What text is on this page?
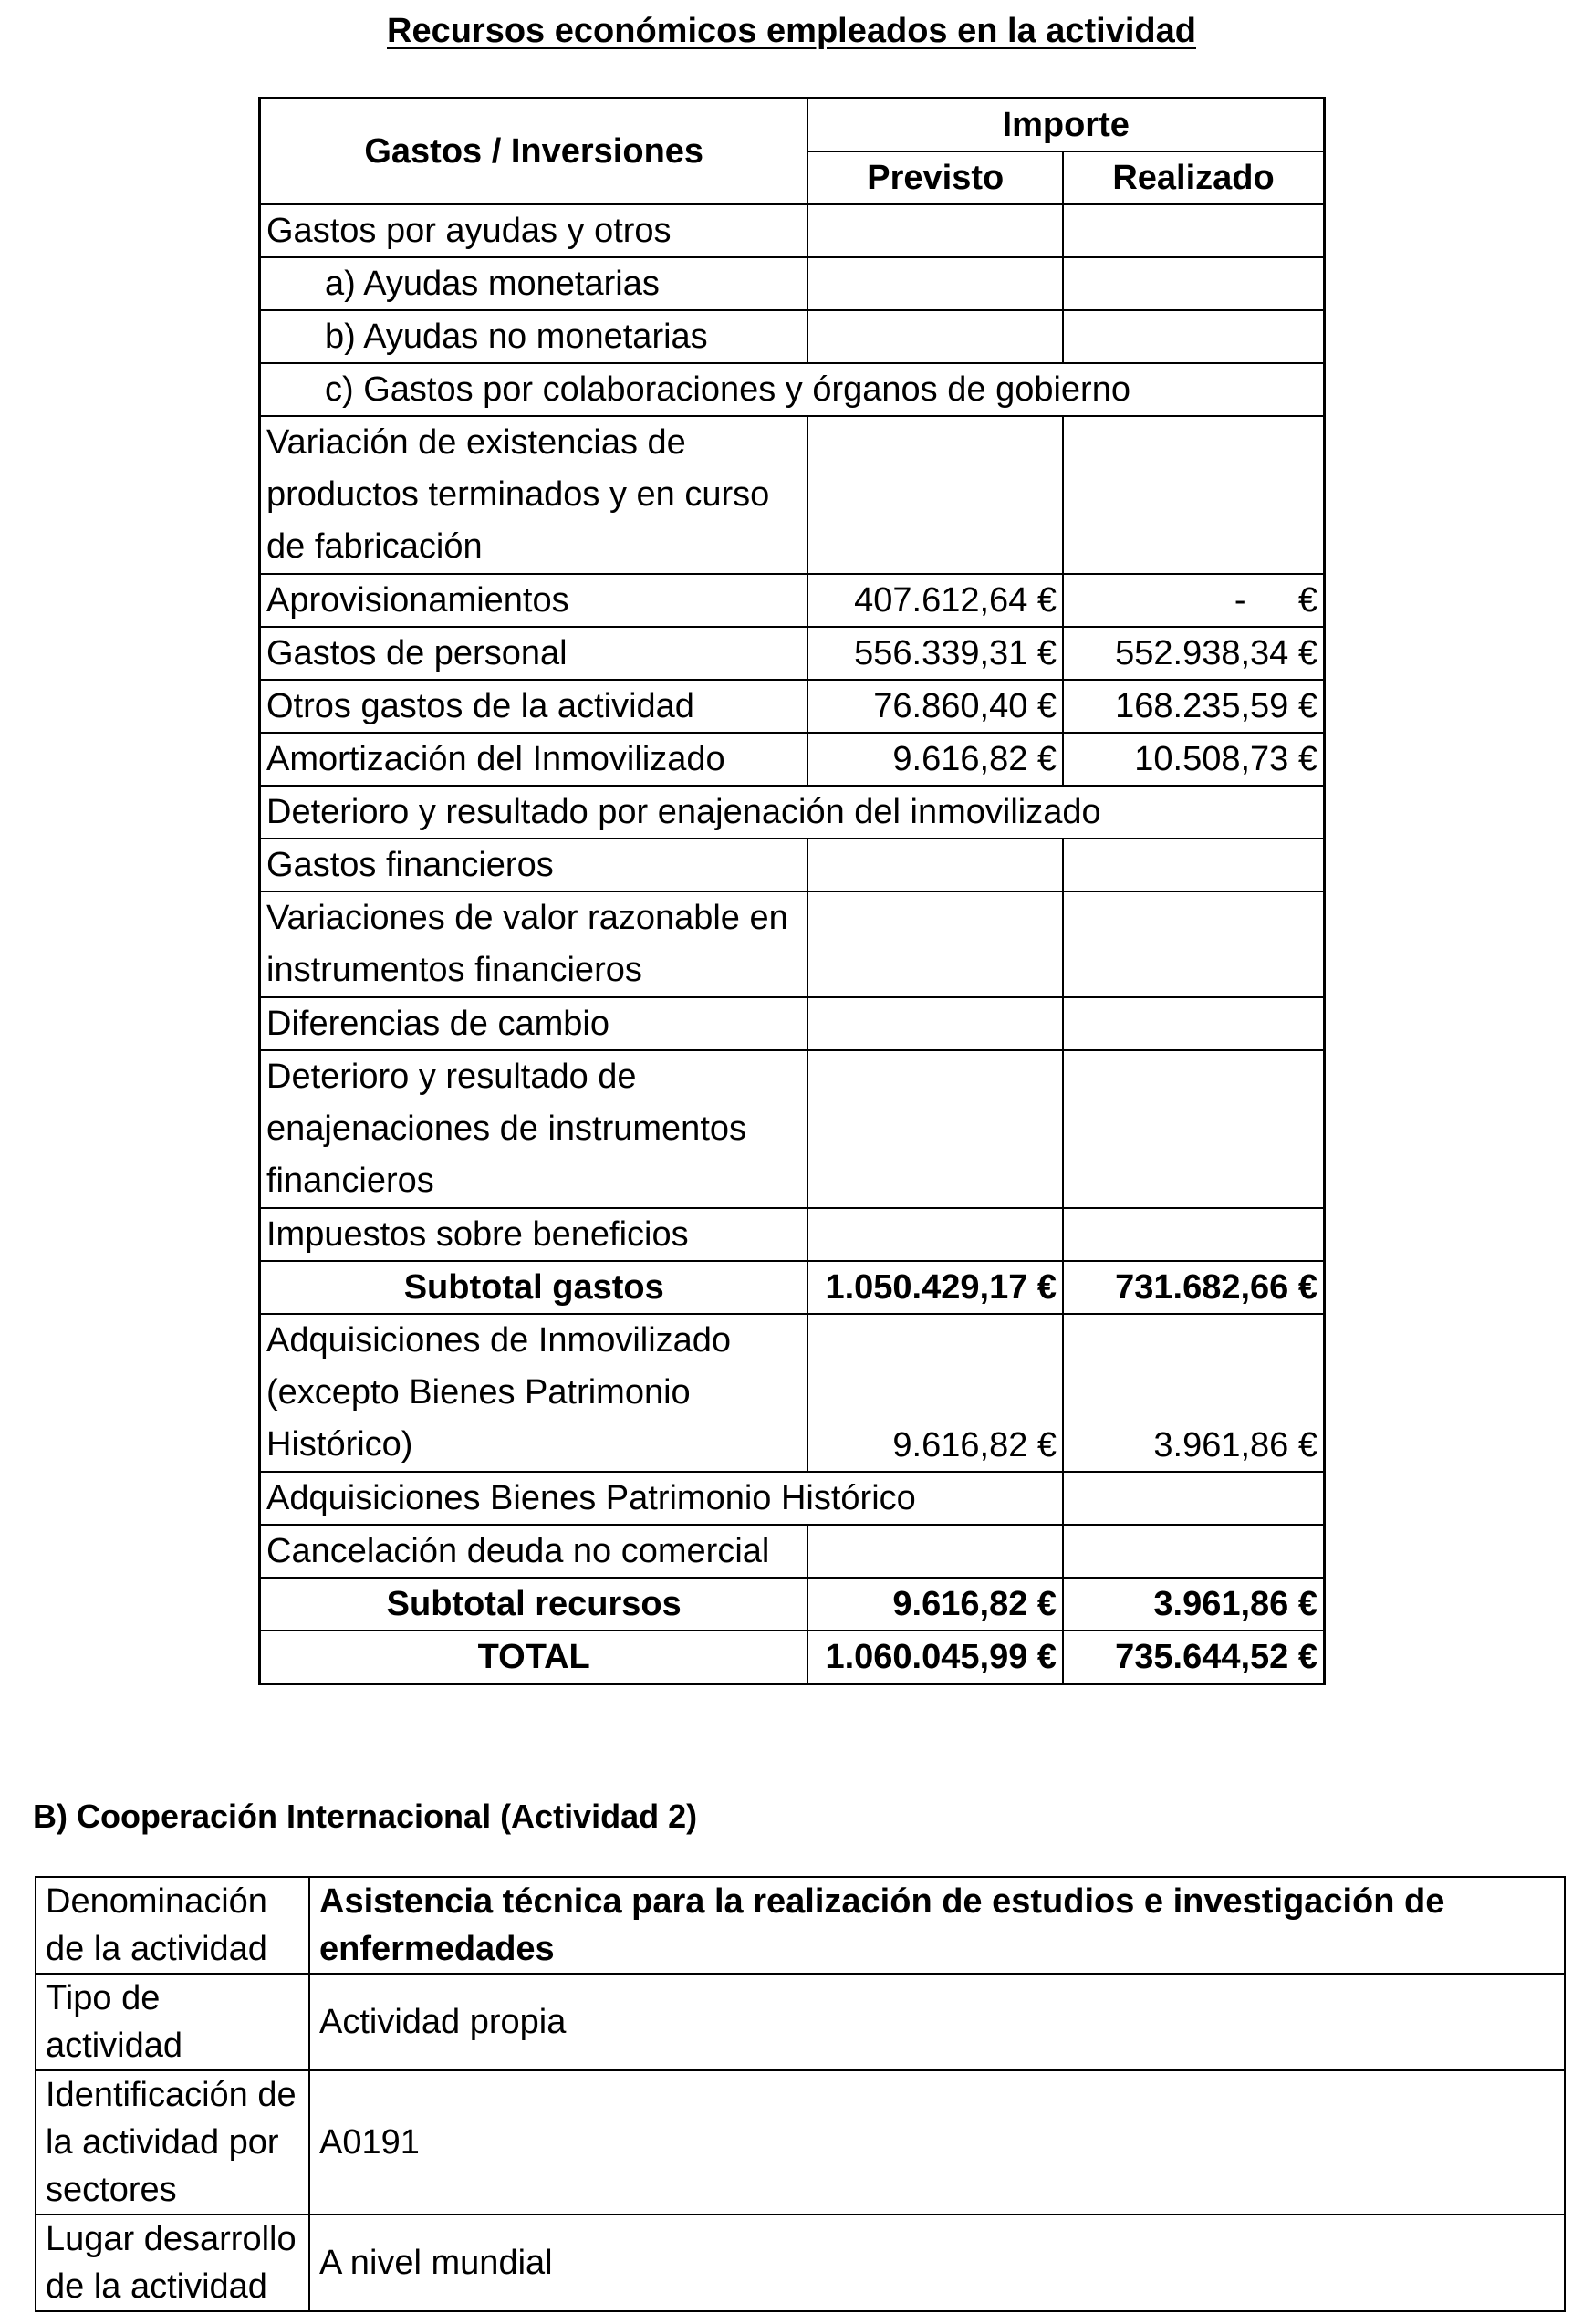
Recursos económicos empleados en la actividad
Gastos / Inversiones	Importe	
	Previsto	Realizado
Gastos por ayudas y otros		
a) Ayudas monetarias		
b) Ayudas no monetarias		
c) Gastos por colaboraciones y órganos de gobierno		
Variación de existencias de productos terminados y en curso de fabricación		
Aprovisionamientos	407.612,64 €	- €
Gastos de personal	556.339,31 €	552.938,34 €
Otros gastos de la actividad	76.860,40 €	168.235,59 €
Amortización del Inmovilizado	9.616,82 €	10.508,73 €
Deterioro y resultado por enajenación del inmovilizado		
Gastos financieros		
Variaciones de valor razonable en instrumentos financieros		
Diferencias de cambio		
Deterioro y resultado de enajenaciones de instrumentos financieros		
Impuestos sobre beneficios		
Subtotal gastos	1.050.429,17 €	731.682,66 €
Adquisiciones de Inmovilizado (excepto Bienes Patrimonio Histórico)	9.616,82 €	3.961,86 €
Adquisiciones Bienes Patrimonio Histórico		
Cancelación deuda no comercial		
Subtotal recursos	9.616,82 €	3.961,86 €
TOTAL	1.060.045,99 €	735.644,52 €
B) Cooperación Internacional (Actividad 2)
Denominación de la actividad	Asistencia técnica para la realización de estudios e investigación de enfermedades
Tipo de actividad	Actividad propia
Identificación de la actividad por sectores	A0191
Lugar desarrollo de la actividad	A nivel mundial
